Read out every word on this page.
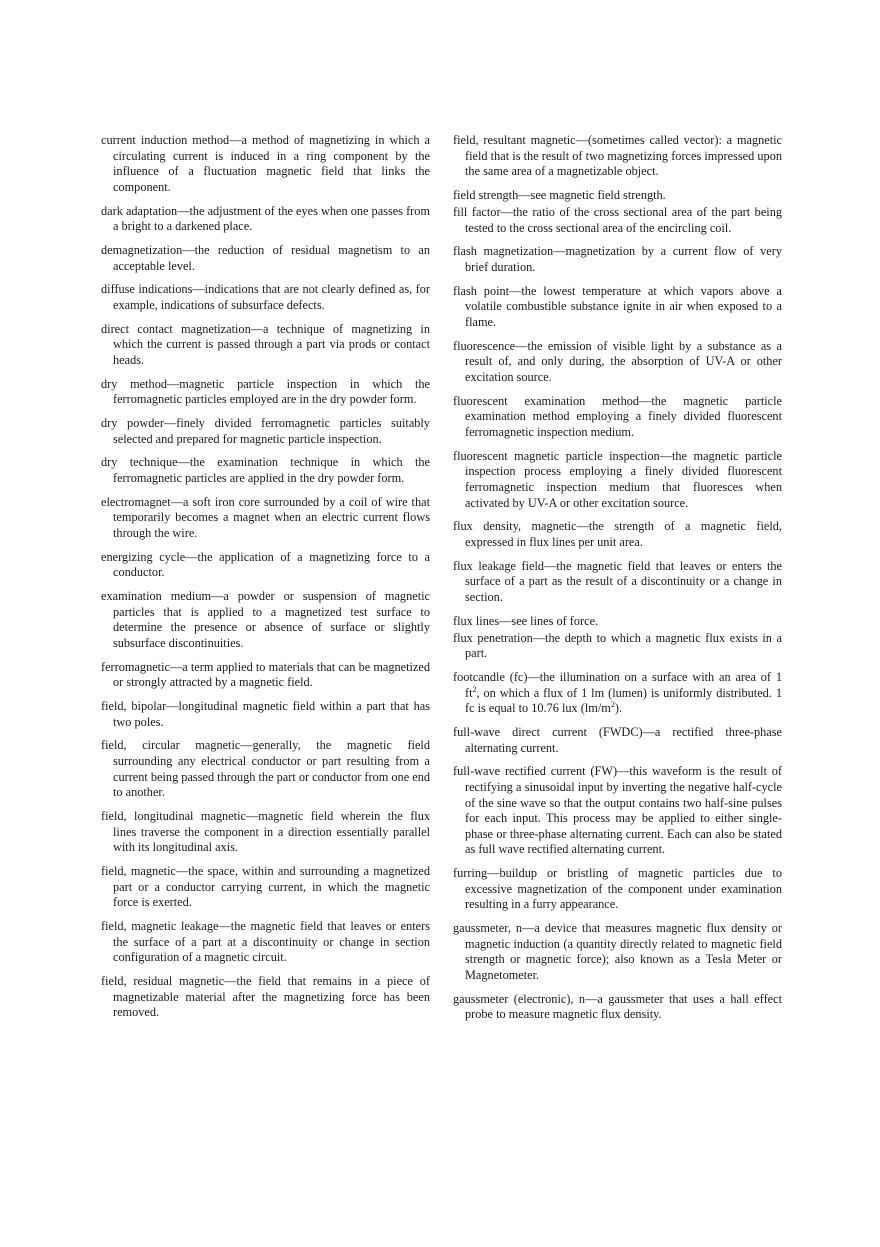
current induction method—a method of magnetizing in which a circulating current is induced in a ring component by the influence of a fluctuation magnetic field that links the component.

dark adaptation—the adjustment of the eyes when one passes from a bright to a darkened place.

demagnetization—the reduction of residual magnetism to an acceptable level.

diffuse indications—indications that are not clearly defined as, for example, indications of subsurface defects.

direct contact magnetization—a technique of magnetizing in which the current is passed through a part via prods or contact heads.

dry method—magnetic particle inspection in which the ferromagnetic particles employed are in the dry powder form.

dry powder—finely divided ferromagnetic particles suitably selected and prepared for magnetic particle inspection.

dry technique—the examination technique in which the ferromagnetic particles are applied in the dry powder form.

electromagnet—a soft iron core surrounded by a coil of wire that temporarily becomes a magnet when an electric current flows through the wire.

energizing cycle—the application of a magnetizing force to a conductor.

examination medium—a powder or suspension of magnetic particles that is applied to a magnetized test surface to determine the presence or absence of surface or slightly subsurface discontinuities.

ferromagnetic—a term applied to materials that can be magnetized or strongly attracted by a magnetic field.

field, bipolar—longitudinal magnetic field within a part that has two poles.

field, circular magnetic—generally, the magnetic field surrounding any electrical conductor or part resulting from a current being passed through the part or conductor from one end to another.

field, longitudinal magnetic—magnetic field wherein the flux lines traverse the component in a direction essentially parallel with its longitudinal axis.

field, magnetic—the space, within and surrounding a magnetized part or a conductor carrying current, in which the magnetic force is exerted.

field, magnetic leakage—the magnetic field that leaves or enters the surface of a part at a discontinuity or change in section configuration of a magnetic circuit.

field, residual magnetic—the field that remains in a piece of magnetizable material after the magnetizing force has been removed.

field, resultant magnetic—(sometimes called vector): a magnetic field that is the result of two magnetizing forces impressed upon the same area of a magnetizable object.

field strength—see magnetic field strength.

fill factor—the ratio of the cross sectional area of the part being tested to the cross sectional area of the encircling coil.

flash magnetization—magnetization by a current flow of very brief duration.

flash point—the lowest temperature at which vapors above a volatile combustible substance ignite in air when exposed to a flame.

fluorescence—the emission of visible light by a substance as a result of, and only during, the absorption of UV-A or other excitation source.

fluorescent examination method—the magnetic particle examination method employing a finely divided fluorescent ferromagnetic inspection medium.

fluorescent magnetic particle inspection—the magnetic particle inspection process employing a finely divided fluorescent ferromagnetic inspection medium that fluoresces when activated by UV-A or other excitation source.

flux density, magnetic—the strength of a magnetic field, expressed in flux lines per unit area.

flux leakage field—the magnetic field that leaves or enters the surface of a part as the result of a discontinuity or a change in section.

flux lines—see lines of force.

flux penetration—the depth to which a magnetic flux exists in a part.

footcandle (fc)—the illumination on a surface with an area of 1 $ft^2$, on which a flux of 1 lm (lumen) is uniformly distributed. 1 fc is equal to 10.76 lux $(lm/m^2)$.

full-wave direct current (FWDC)—a rectified three-phase alternating current.

full-wave rectified current (FW)—this waveform is the result of rectifying a sinusoidal input by inverting the negative half-cycle of the sine wave so that the output contains two half-sine pulses for each input. This process may be applied to either single-phase or three-phase alternating current. Each can also be stated as full wave rectified alternating current.

furring—buildup or bristling of magnetic particles due to excessive magnetization of the component under examination resulting in a furry appearance.

gaussmeter, n—a device that measures magnetic flux density or magnetic induction (a quantity directly related to magnetic field strength or magnetic force); also known as a Tesla Meter or Magnetometer.

gaussmeter (electronic), n—a gaussmeter that uses a hall effect probe to measure magnetic flux density.
